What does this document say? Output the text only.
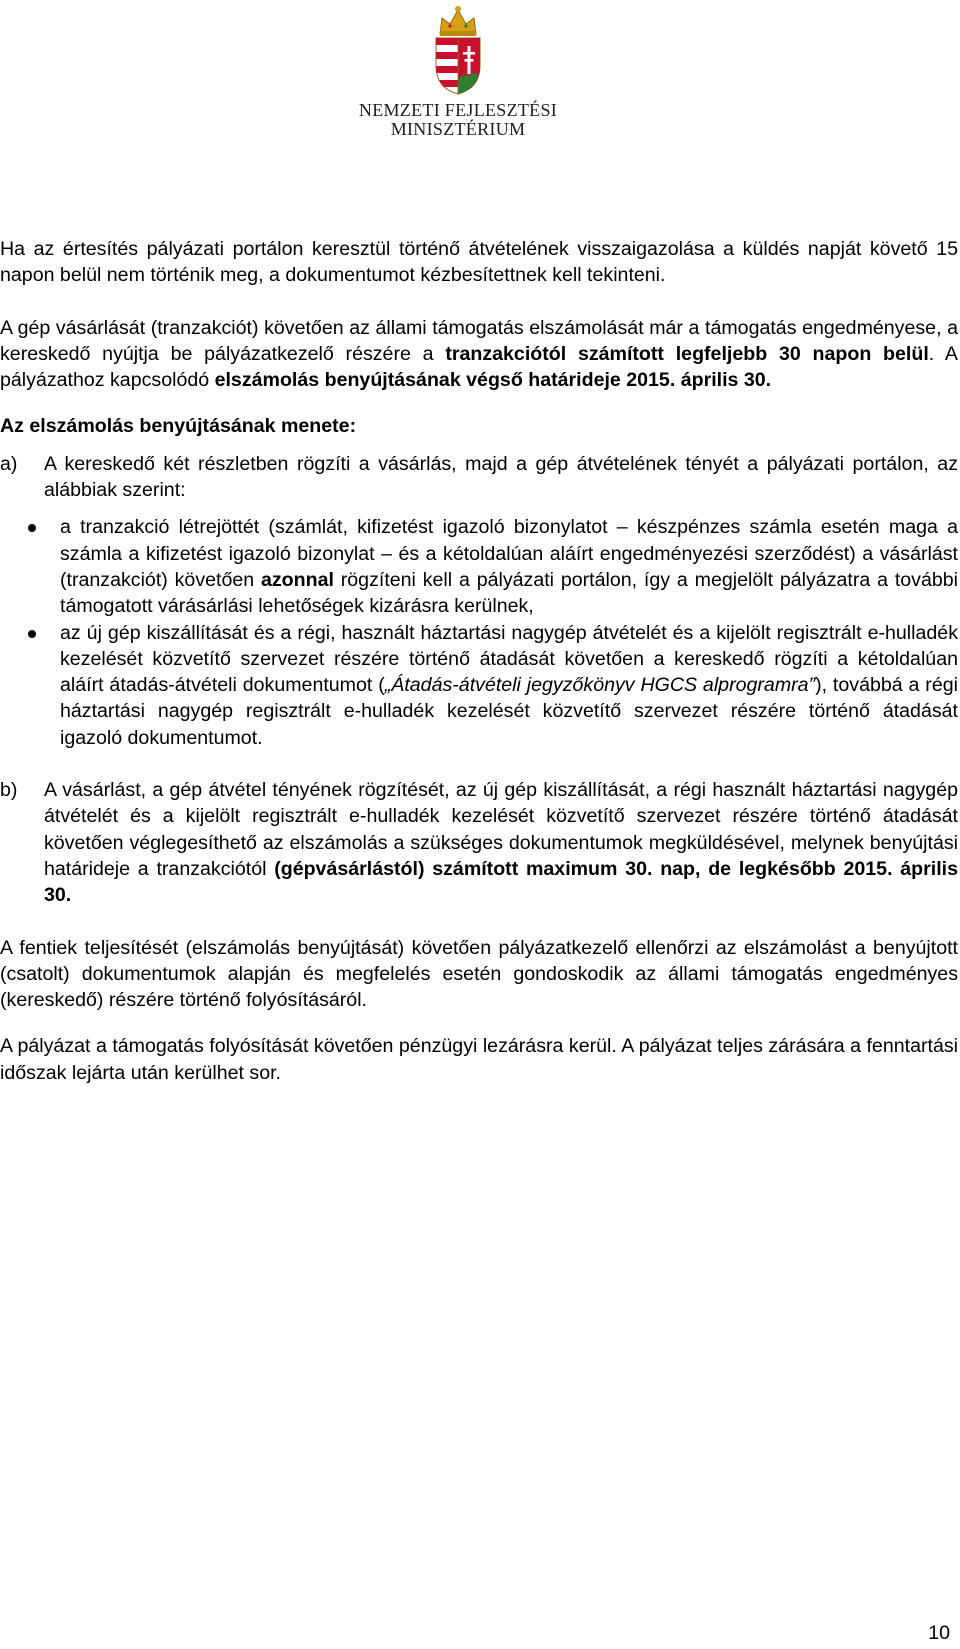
NEMZETI FEJLESZTÉSI
MINISZTÉRIUM

Ha az értesítés pályázati portálon keresztül történő átvételének visszaigazolása a küldés napját követő 15 napon belül nem történik meg, a dokumentumot kézbesítettnek kell tekinteni.

A gép vásárlását (tranzakciót) követően az állami támogatás elszámolását már a támogatás engedményese, a kereskedő nyújtja be pályázatkezelő részére a tranzakciótól számított legfeljebb 30 napon belül. A pályázathoz kapcsolódó elszámolás benyújtásának végső határideje 2015. április 30.

Az elszámolás benyújtásának menete:

a) A kereskedő két részletben rögzíti a vásárlás, majd a gép átvételének tényét a pályázati portálon, az alábbiak szerint:

a tranzakció létrejöttét (számlát, kifizetést igazoló bizonylatot – készpénzes számla esetén maga a számla a kifizetést igazoló bizonylat – és a kétoldalúan aláírt engedményezési szerződést) a vásárlást (tranzakciót) követően azonnal rögzíteni kell a pályázati portálon, így a megjelölt pályázatra a további támogatott várásárlási lehetőségek kizárásra kerülnek,
az új gép kiszállítását és a régi, használt háztartási nagygép átvételét és a kijelölt regisztrált e-hulladék kezelését közvetítő szervezet részére történő átadását követően a kereskedő rögzíti a kétoldalúan aláírt átadás-átvételi dokumentumot („Átadás-átvételi jegyzőkönyv HGCS alprogramra”), továbbá a régi háztartási nagygép regisztrált e-hulladék kezelését közvetítő szervezet részére történő átadását igazoló dokumentumot.
b) A vásárlást, a gép átvétel tényének rögzítését, az új gép kiszállítását, a régi használt háztartási nagygép átvételét és a kijelölt regisztrált e-hulladék kezelését közvetítő szervezet részére történő átadását követően véglegesíthető az elszámolás a szükséges dokumentumok megküldésével, melynek benyújtási határideje a tranzakciótól (gépvásárlástól) számított maximum 30. nap, de legkésőbb 2015. április 30.

A fentiek teljesítését (elszámolás benyújtását) követően pályázatkezelő ellenőrzi az elszámolást a benyújtott (csatolt) dokumentumok alapján és megfelelés esetén gondoskodik az állami támogatás engedményes (kereskedő) részére történő folyósításáról.

A pályázat a támogatás folyósítását követően pénzügyi lezárásra kerül. A pályázat teljes zárására a fenntartási időszak lejárta után kerülhet sor.

10
